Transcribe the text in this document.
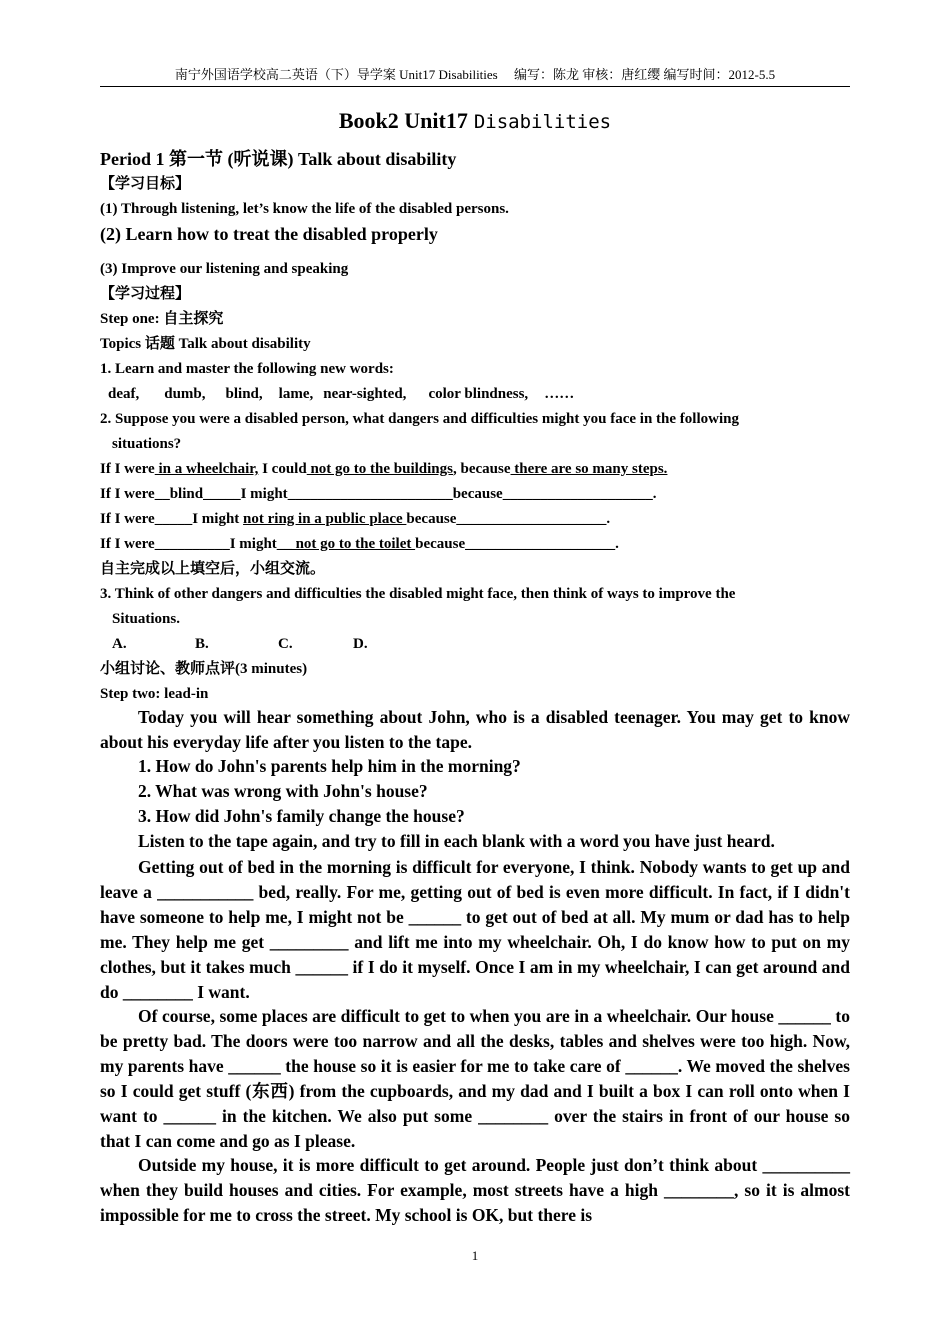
南宁外国语学校高二英语（下）导学案 Unit17 Disabilities　 编写：陈龙 审核：唐红缨 编写时间：2012-5.5
Book2 Unit17 Disabilities
Period 1 第一节 (听说课) Talk about disability
【学习目标】
(1) Through listening, let’s know the life of the disabled persons.
(2) Learn how to treat the disabled properly
(3) Improve our listening and speaking
【学习过程】
Step one: 自主探究
Topics 话题 Talk about disability
1. Learn and master the following new words:
deaf, dumb, blind, lame, near-sighted, color blindness, ……
2. Suppose you were a disabled person, what dangers and difficulties might you face in the following
situations?
If I were in a wheelchair, I could not go to the buildings, because there are so many steps.
If I were__blind_____I might______________________because____________________.
If I were_____I might not ring in a public place because____________________.
If I were__________I might__ not go to the toilet because____________________.
自主完成以上填空后，小组交流。
3. Think of other dangers and difficulties the disabled might face, then think of ways to improve the
Situations.
A.	B.	C.	D.
小组讨论、教师点评(3 minutes)
Step two: lead-in
Today you will hear something about John, who is a disabled teenager. You may get to know about his everyday life after you listen to the tape.
1. How do John's parents help him in the morning?
2. What was wrong with John's house?
3. How did John's family change the house?
Listen to the tape again, and try to fill in each blank with a word you have just heard.
Getting out of bed in the morning is difficult for everyone, I think. Nobody wants to get up and leave a ___________ bed, really. For me, getting out of bed is even more difficult. In fact, if I didn't have someone to help me, I might not be ______ to get out of bed at all. My mum or dad has to help me. They help me get _________ and lift me into my wheelchair. Oh, I do know how to put on my clothes, but it takes much ______ if I do it myself. Once I am in my wheelchair, I can get around and do ________ I want.
Of course, some places are difficult to get to when you are in a wheelchair. Our house ______ to be pretty bad. The doors were too narrow and all the desks, tables and shelves were too high. Now, my parents have ______ the house so it is easier for me to take care of ______. We moved the shelves so I could get stuff (东西) from the cupboards, and my dad and I built a box I can roll onto when I want to ______ in the kitchen. We also put some ________ over the stairs in front of our house so that I can come and go as I please.
Outside my house, it is more difficult to get around. People just don’t think about __________ when they build houses and cities. For example, most streets have a high ________, so it is almost impossible for me to cross the street. My school is OK, but there is
1
